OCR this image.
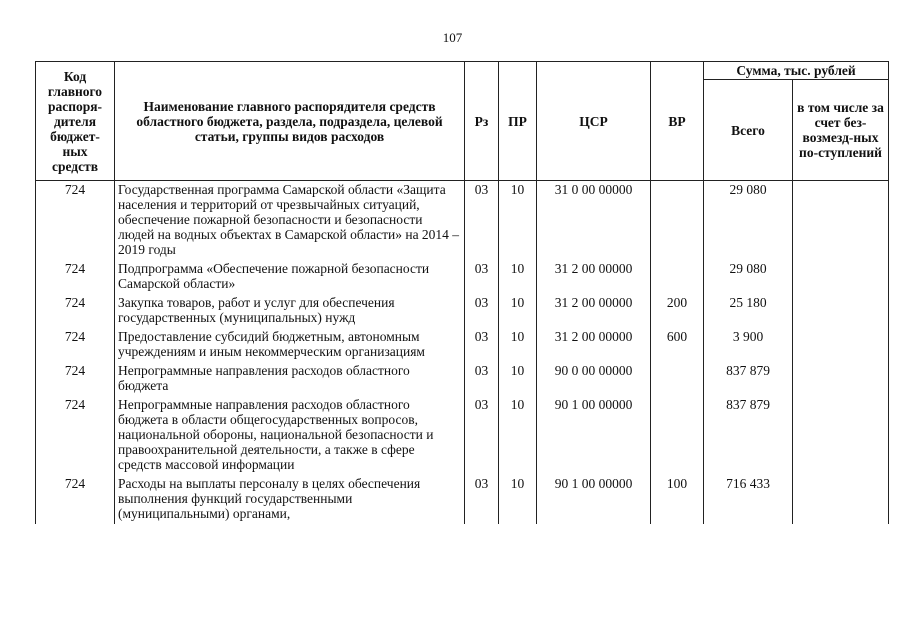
107
Код главного распоря-дителя бюджет-ных средств	Наименование главного распорядителя средств областного бюджета, раздела, подраздела, целевой статьи, группы видов расходов	Рз	ПР	ЦСР	ВР	Сумма, тыс. рублей	
						Всего	в том числе за счет без-возмезд-ных по-ступлений
724	Государственная программа Самарской области «Защита населения и территорий от чрезвычайных ситуаций, обеспечение пожарной безопасности и безопасности людей на водных объектах в Самарской области» на 2014 – 2019 годы	03	10	31 0 00 00000		29 080	
724	Подпрограмма «Обеспечение пожарной безопасности Самарской области»	03	10	31 2 00 00000		29 080	
724	Закупка товаров, работ и услуг для обеспечения государственных (муниципальных) нужд	03	10	31 2 00 00000	200	25 180	
724	Предоставление субсидий бюджетным, автономным учреждениям и иным некоммерческим организациям	03	10	31 2 00 00000	600	3 900	
724	Непрограммные направления расходов областного бюджета	03	10	90 0 00 00000		837 879	
724	Непрограммные направления расходов областного бюджета в области общегосударственных вопросов, национальной обороны, национальной безопасности и правоохранительной деятельности, а также в сфере средств массовой информации	03	10	90 1 00 00000		837 879	
724	Расходы на выплаты персоналу в целях обеспечения выполнения функций государственными (муниципальными) органами,	03	10	90 1 00 00000	100	716 433	
